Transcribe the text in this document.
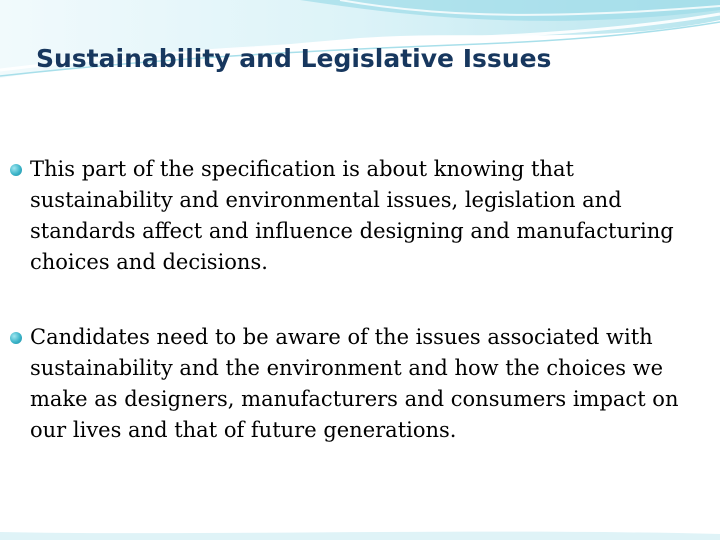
Sustainability and Legislative Issues
This part of the specification is about knowing that sustainability and environmental issues, legislation and standards affect and influence designing and manufacturing choices and decisions.
Candidates need to be aware of the issues associated with sustainability and the environment and how the choices we make as designers, manufacturers and consumers impact on our lives and that of future generations.
